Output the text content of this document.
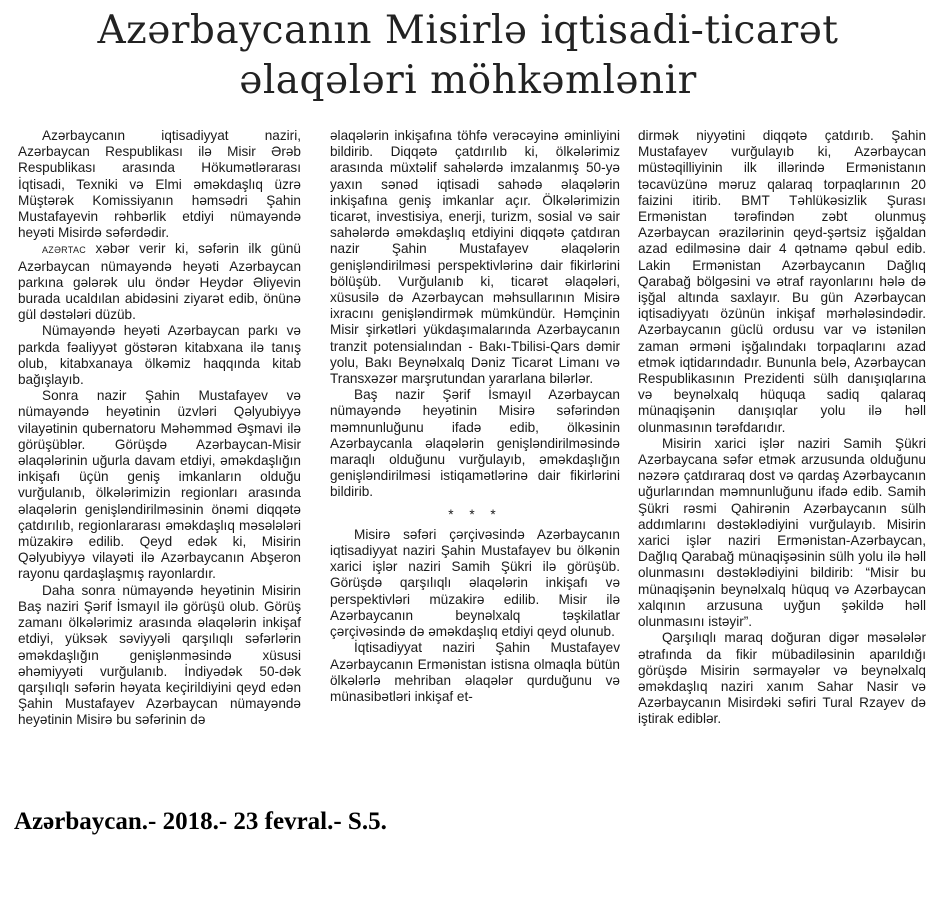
Azərbaycanın Misirlə iqtisadi-ticarət
əlaqələri möhkəmlənir

Azərbaycanın iqtisadiyyat naziri, Azərbaycan Respublikası ilə Misir Ərəb Respublikası arasında Hökumətlərarası İqtisadi, Texniki və Elmi əməkdaşlıq üzrə Müştərək Komissiyanın həmsədri Şahin Mustafayevin rəhbərlik etdiyi nümayəndə heyəti Misirdə səfərdədir.

AZƏRTAC xəbər verir ki, səfərin ilk günü Azərbaycan nümayəndə heyəti Azərbaycan parkına gələrək ulu öndər Heydər Əliyevin burada ucaldılan abidəsini ziyarət edib, önünə gül dəstələri düzüb.

Nümayəndə heyəti Azərbaycan parkı və parkda fəaliyyət göstərən kitabxana ilə tanış olub, kitabxanaya ölkəmiz haqqında kitab bağışlayıb.

Sonra nazir Şahin Mustafayev və nümayəndə heyətinin üzvləri Qəlyubiyyə vilayətinin qubernatoru Məhəmməd Əşmavi ilə görüşüblər. Görüşdə Azərbaycan-Misir əlaqələrinin uğurla davam etdiyi, əməkdaşlığın inkişafı üçün geniş imkanların olduğu vurğulanıb, ölkələrimizin regionları arasında əlaqələrin genişləndirilməsinin önəmi diqqətə çatdırılıb, regionlararası əməkdaşlıq məsələləri müzakirə edilib. Qeyd edək ki, Misirin Qəlyubiyyə vilayəti ilə Azərbaycanın Abşeron rayonu qardaşlaşmış rayonlardır.

Daha sonra nümayəndə heyətinin Misirin Baş naziri Şərif İsmayıl ilə görüşü olub. Görüş zamanı ölkələrimiz arasında əlaqələrin inkişaf etdiyi, yüksək səviyyəli qarşılıqlı səfərlərin əməkdaşlığın genişlənməsində xüsusi əhəmiyyəti vurğulanıb. İndiyədək 50-dək qarşılıqlı səfərin həyata keçirildiyini qeyd edən Şahin Mustafayev Azərbaycan nümayəndə heyətinin Misirə bu səfərinin də

əlaqələrin inkişafına töhfə verəcəyinə əminliyini bildirib. Diqqətə çatdırılıb ki, ölkələrimiz arasında müxtəlif sahələrdə imzalanmış 50-yə yaxın sənəd iqtisadi sahədə əlaqələrin inkişafına geniş imkanlar açır. Ölkələrimizin ticarət, investisiya, enerji, turizm, sosial və sair sahələrdə əməkdaşlıq etdiyini diqqətə çatdıran nazir Şahin Mustafayev əlaqələrin genişləndirilməsi perspektivlərinə dair fikirlərini bölüşüb. Vurğulanıb ki, ticarət əlaqələri, xüsusilə də Azərbaycan məhsullarının Misirə ixracını genişləndirmək mümkündür. Həmçinin Misir şirkətləri yükdaşımalarında Azərbaycanın tranzit potensialından - Bakı-Tbilisi-Qars dəmir yolu, Bakı Beynəlxalq Dəniz Ticarət Limanı və Transxəzər marşrutundan yararlana bilərlər.

Baş nazir Şərif İsmayıl Azərbaycan nümayəndə heyətinin Misirə səfərindən məmnunluğunu ifadə edib, ölkəsinin Azərbaycanla əlaqələrin genişləndirilməsində maraqlı olduğunu vurğulayıb, əməkdaşlığın genişləndirilməsi istiqamətlərinə dair fikirlərini bildirib.

* * *

Misirə səfəri çərçivəsində Azərbaycanın iqtisadiyyat naziri Şahin Mustafayev bu ölkənin xarici işlər naziri Samih Şükri ilə görüşüb. Görüşdə qarşılıqlı əlaqələrin inkişafı və perspektivləri müzakirə edilib. Misir ilə Azərbaycanın beynəlxalq təşkilatlar çərçivəsində də əməkdaşlıq etdiyi qeyd olunub.

İqtisadiyyat naziri Şahin Mustafayev Azərbaycanın Ermənistan istisna olmaqla bütün ölkələrlə mehriban əlaqələr qurduğunu və münasibətləri inkişaf et-

dirmək niyyətini diqqətə çatdırıb. Şahin Mustafayev vurğulayıb ki, Azərbaycan müstəqilliyinin ilk illərində Ermənistanın təcavüzünə məruz qalaraq torpaqlarının 20 faizini itirib. BMT Təhlükəsizlik Şurası Ermənistan tərəfindən zəbt olunmuş Azərbaycan ərazilərinin qeyd-şərtsiz işğaldan azad edilməsinə dair 4 qətnamə qəbul edib. Lakin Ermənistan Azərbaycanın Dağlıq Qarabağ bölgəsini və ətraf rayonlarını hələ də işğal altında saxlayır. Bu gün Azərbaycan iqtisadiyyatı özünün inkişaf mərhələsindədir. Azərbaycanın güclü ordusu var və istənilən zaman ərməni işğalındakı torpaqlarını azad etmək iqtidarındadır. Bununla belə, Azərbaycan Respublikasının Prezidenti sülh danışıqlarına və beynəlxalq hüquqa sadiq qalaraq münaqişənin danışıqlar yolu ilə həll olunmasının tərəfdarıdır.

Misirin xarici işlər naziri Samih Şükri Azərbaycana səfər etmək arzusunda olduğunu nəzərə çatdıraraq dost və qardaş Azərbaycanın uğurlarından məmnunluğunu ifadə edib. Samih Şükri rəsmi Qahirənin Azərbaycanın sülh addımlarını dəstəklədiyini vurğulayıb. Misirin xarici işlər naziri Ermənistan-Azərbaycan, Dağlıq Qarabağ münaqişəsinin sülh yolu ilə həll olunmasını dəstəklədiyini bildirib: “Misir bu münaqişənin beynəlxalq hüquq və Azərbaycan xalqının arzusuna uyğun şəkildə həll olunmasını istəyir”.

Qarşılıqlı maraq doğuran digər məsələlər ətrafında da fikir mübadiləsinin aparıldığı görüşdə Misirin sərmayələr və beynəlxalq əməkdaşlıq naziri xanım Sahar Nasir və Azərbaycanın Misirdəki səfiri Tural Rzayev də iştirak ediblər.

Azərbaycan.- 2018.- 23 fevral.- S.5.
